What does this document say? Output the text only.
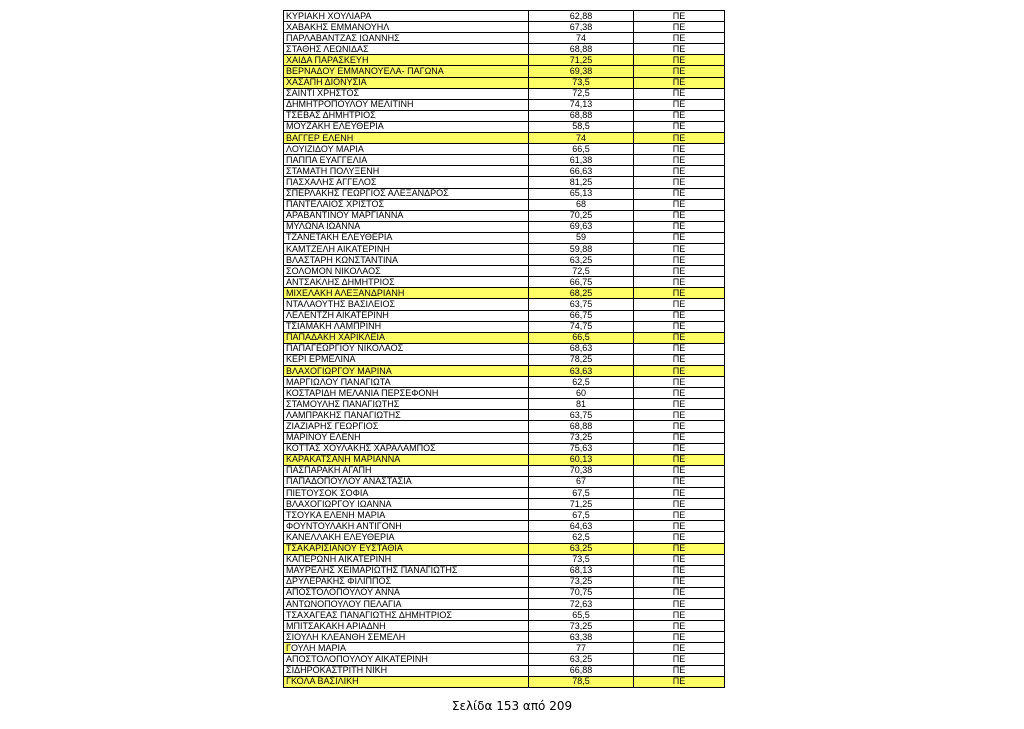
ΚΥΡΙΑΚΗ ΧΟΥΛΙΑΡΑ	62,88	ΠΕ
ΧΑΒΑΚΗΣ ΕΜΜΑΝΟΥΗΛ	67,38	ΠΕ
ΠΑΡΛΑΒΑΝΤΖΑΣ ΙΩΑΝΝΗΣ	74	ΠΕ
ΣΤΑΘΗΣ ΛΕΩΝΙΔΑΣ	68,88	ΠΕ
ΧΑΙΔΑ ΠΑΡΑΣΚΕΥΗ	71,25	ΠΕ
ΒΕΡΝΑΔΟΥ ΕΜΜΑΝΟΥΕΛΑ- ΠΑΓΩΝΑ	69,38	ΠΕ
ΧΑΣΑΠΗ ΔΙΟΝΥΣΙΑ	73,5	ΠΕ
ΣΑΙΝΤΙ ΧΡΗΣΤΟΣ	72,5	ΠΕ
ΔΗΜΗΤΡΟΠΟΥΛΟΥ ΜΕΛΙΤΙΝΗ	74,13	ΠΕ
ΤΣΕΒΑΣ ΔΗΜΗΤΡΙΟΣ	68,88	ΠΕ
ΜΟΥΖΑΚΗ ΕΛΕΥΘΕΡΙΑ	58,5	ΠΕ
ΒΑΓΓΕΡ ΕΛΕΝΗ	74	ΠΕ
ΛΟΥΙΖΙΔΟΥ ΜΑΡΙΑ	66,5	ΠΕ
ΠΑΠΠΑ ΕΥΑΓΓΕΛΙΑ	61,38	ΠΕ
ΣΤΑΜΑΤΗ ΠΟΛΥΞΕΝΗ	66,63	ΠΕ
ΠΑΣΧΑΛΗΣ ΑΓΓΕΛΟΣ	81,25	ΠΕ
ΣΠΕΡΛΑΚΗΣ ΓΕΩΡΓΙΟΣ ΑΛΕΞΑΝΔΡΟΣ	65,13	ΠΕ
ΠΑΝΤΕΛΑΙΟΣ ΧΡΙΣΤΟΣ	68	ΠΕ
ΑΡΑΒΑΝΤΙΝΟΥ ΜΑΡΓΙΑΝΝΑ	70,25	ΠΕ
ΜΥΛΩΝΑ ΙΩΑΝΝΑ	69,63	ΠΕ
ΤΖΑΝΕΤΑΚΗ ΕΛΕΥΘΕΡΙΑ	59	ΠΕ
ΚΑΜΤΖΕΛΗ ΑΙΚΑΤΕΡΙΝΗ	59,88	ΠΕ
ΒΛΑΣΤΑΡΗ ΚΩΝΣΤΑΝΤΙΝΑ	63,25	ΠΕ
ΣΟΛΟΜΟΝ ΝΙΚΟΛΑΟΣ	72,5	ΠΕ
ΑΝΤΣΑΚΛΗΣ ΔΗΜΗΤΡΙΟΣ	66,75	ΠΕ
ΜΙΧΕΛΑΚΗ ΑΛΕΞΑΝΔΡΙΑΝΗ	68,25	ΠΕ
ΝΤΑΛΑΟΥΤΗΣ ΒΑΣΙΛΕΙΟΣ	63,75	ΠΕ
ΛΕΛΕΝΤΖΗ ΑΙΚΑΤΕΡΙΝΗ	66,75	ΠΕ
ΤΣΙΑΜΑΚΗ ΛΑΜΠΡΙΝΗ	74,75	ΠΕ
ΠΑΠΑΔΑΚΗ ΧΑΡΙΚΛΕΙΑ	66,5	ΠΕ
ΠΑΠΑΓΕΩΡΓΙΟΥ ΝΙΚΟΛΑΟΣ	68,63	ΠΕ
ΚΕΡΙ ΕΡΜΕΛΙΝΑ	78,25	ΠΕ
ΒΛΑΧΟΓΙΩΡΓΟΥ ΜΑΡΙΝΑ	63,63	ΠΕ
ΜΑΡΓΙΩΛΟΥ ΠΑΝΑΓΙΩΤΑ	62,5	ΠΕ
ΚΟΣΤΑΡΙΔΗ ΜΕΛΑΝΙΑ ΠΕΡΣΕΦΟΝΗ	60	ΠΕ
ΣΤΑΜΟΥΛΗΣ ΠΑΝΑΓΙΩΤΗΣ	81	ΠΕ
ΛΑΜΠΡΑΚΗΣ ΠΑΝΑΓΙΩΤΗΣ	63,75	ΠΕ
ΖΙΑΖΙΑΡΗΣ ΓΕΩΡΓΙΟΣ	68,88	ΠΕ
ΜΑΡΙΝΟΥ ΕΛΕΝΗ	73,25	ΠΕ
ΚΟΤΤΑΣ ΧΟΥΛΑΚΗΣ ΧΑΡΑΛΑΜΠΟΣ	75,63	ΠΕ
ΚΑΡΑΚΑΤΣΑΝΗ ΜΑΡΙΑΝΝΑ	60,13	ΠΕ
ΠΑΣΠΑΡΑΚΗ ΑΓΑΠΗ	70,38	ΠΕ
ΠΑΠΑΔΟΠΟΥΛΟΥ ΑΝΑΣΤΑΣΙΑ	67	ΠΕ
ΠΙΕΤΟΥΣΟΚ ΣΟΦΙΑ	67,5	ΠΕ
ΒΛΑΧΟΓΙΩΡΓΟΥ ΙΩΑΝΝΑ	71,25	ΠΕ
ΤΣΟΥΚΑ ΕΛΕΝΗ ΜΑΡΙΑ	67,5	ΠΕ
ΦΟΥΝΤΟΥΛΑΚΗ ΑΝΤΙΓΟΝΗ	64,63	ΠΕ
ΚΑΝΕΛΛΑΚΗ ΕΛΕΥΘΕΡΙΑ	62,5	ΠΕ
ΤΣΑΚΑΡΙΣΙΑΝΟΥ ΕΥΣΤΑΘΙΑ	63,25	ΠΕ
ΚΑΠΕΡΩΝΗ ΑΙΚΑΤΕΡΙΝΗ	73,5	ΠΕ
ΜΑΥΡΕΛΗΣ ΧΕΙΜΑΡΙΩΤΗΣ ΠΑΝΑΓΙΩΤΗΣ	68,13	ΠΕ
ΔΡΥΛΕΡΑΚΗΣ ΦΙΛΙΠΠΟΣ	73,25	ΠΕ
ΑΠΟΣΤΟΛΟΠΟΥΛΟΥ ΑΝΝΑ	70,75	ΠΕ
ΑΝΤΩΝΟΠΟΥΛΟΥ ΠΕΛΑΓΙΑ	72,63	ΠΕ
ΤΣΑΧΑΓΕΑΣ ΠΑΝΑΓΙΩΤΗΣ ΔΗΜΗΤΡΙΟΣ	65,5	ΠΕ
ΜΠΙΤΣΑΚΑΚΗ ΑΡΙΑΔΝΗ	73,25	ΠΕ
ΣΙΟΥΛΗ ΚΛΕΑΝΘΗ ΣΕΜΕΛΗ	63,38	ΠΕ
ΓΟΥΛΗ ΜΑΡΙΑ	77	ΠΕ
ΑΠΟΣΤΟΛΟΠΟΥΛΟΥ ΑΙΚΑΤΕΡΙΝΗ	63,25	ΠΕ
ΣΙΔΗΡΟΚΑΣΤΡΙΤΗ ΝΙΚΗ	66,88	ΠΕ
ΓΚΟΛΑ ΒΑΣΙΛΙΚΗ	78,5	ΠΕ
Σελίδα 153 από 209
